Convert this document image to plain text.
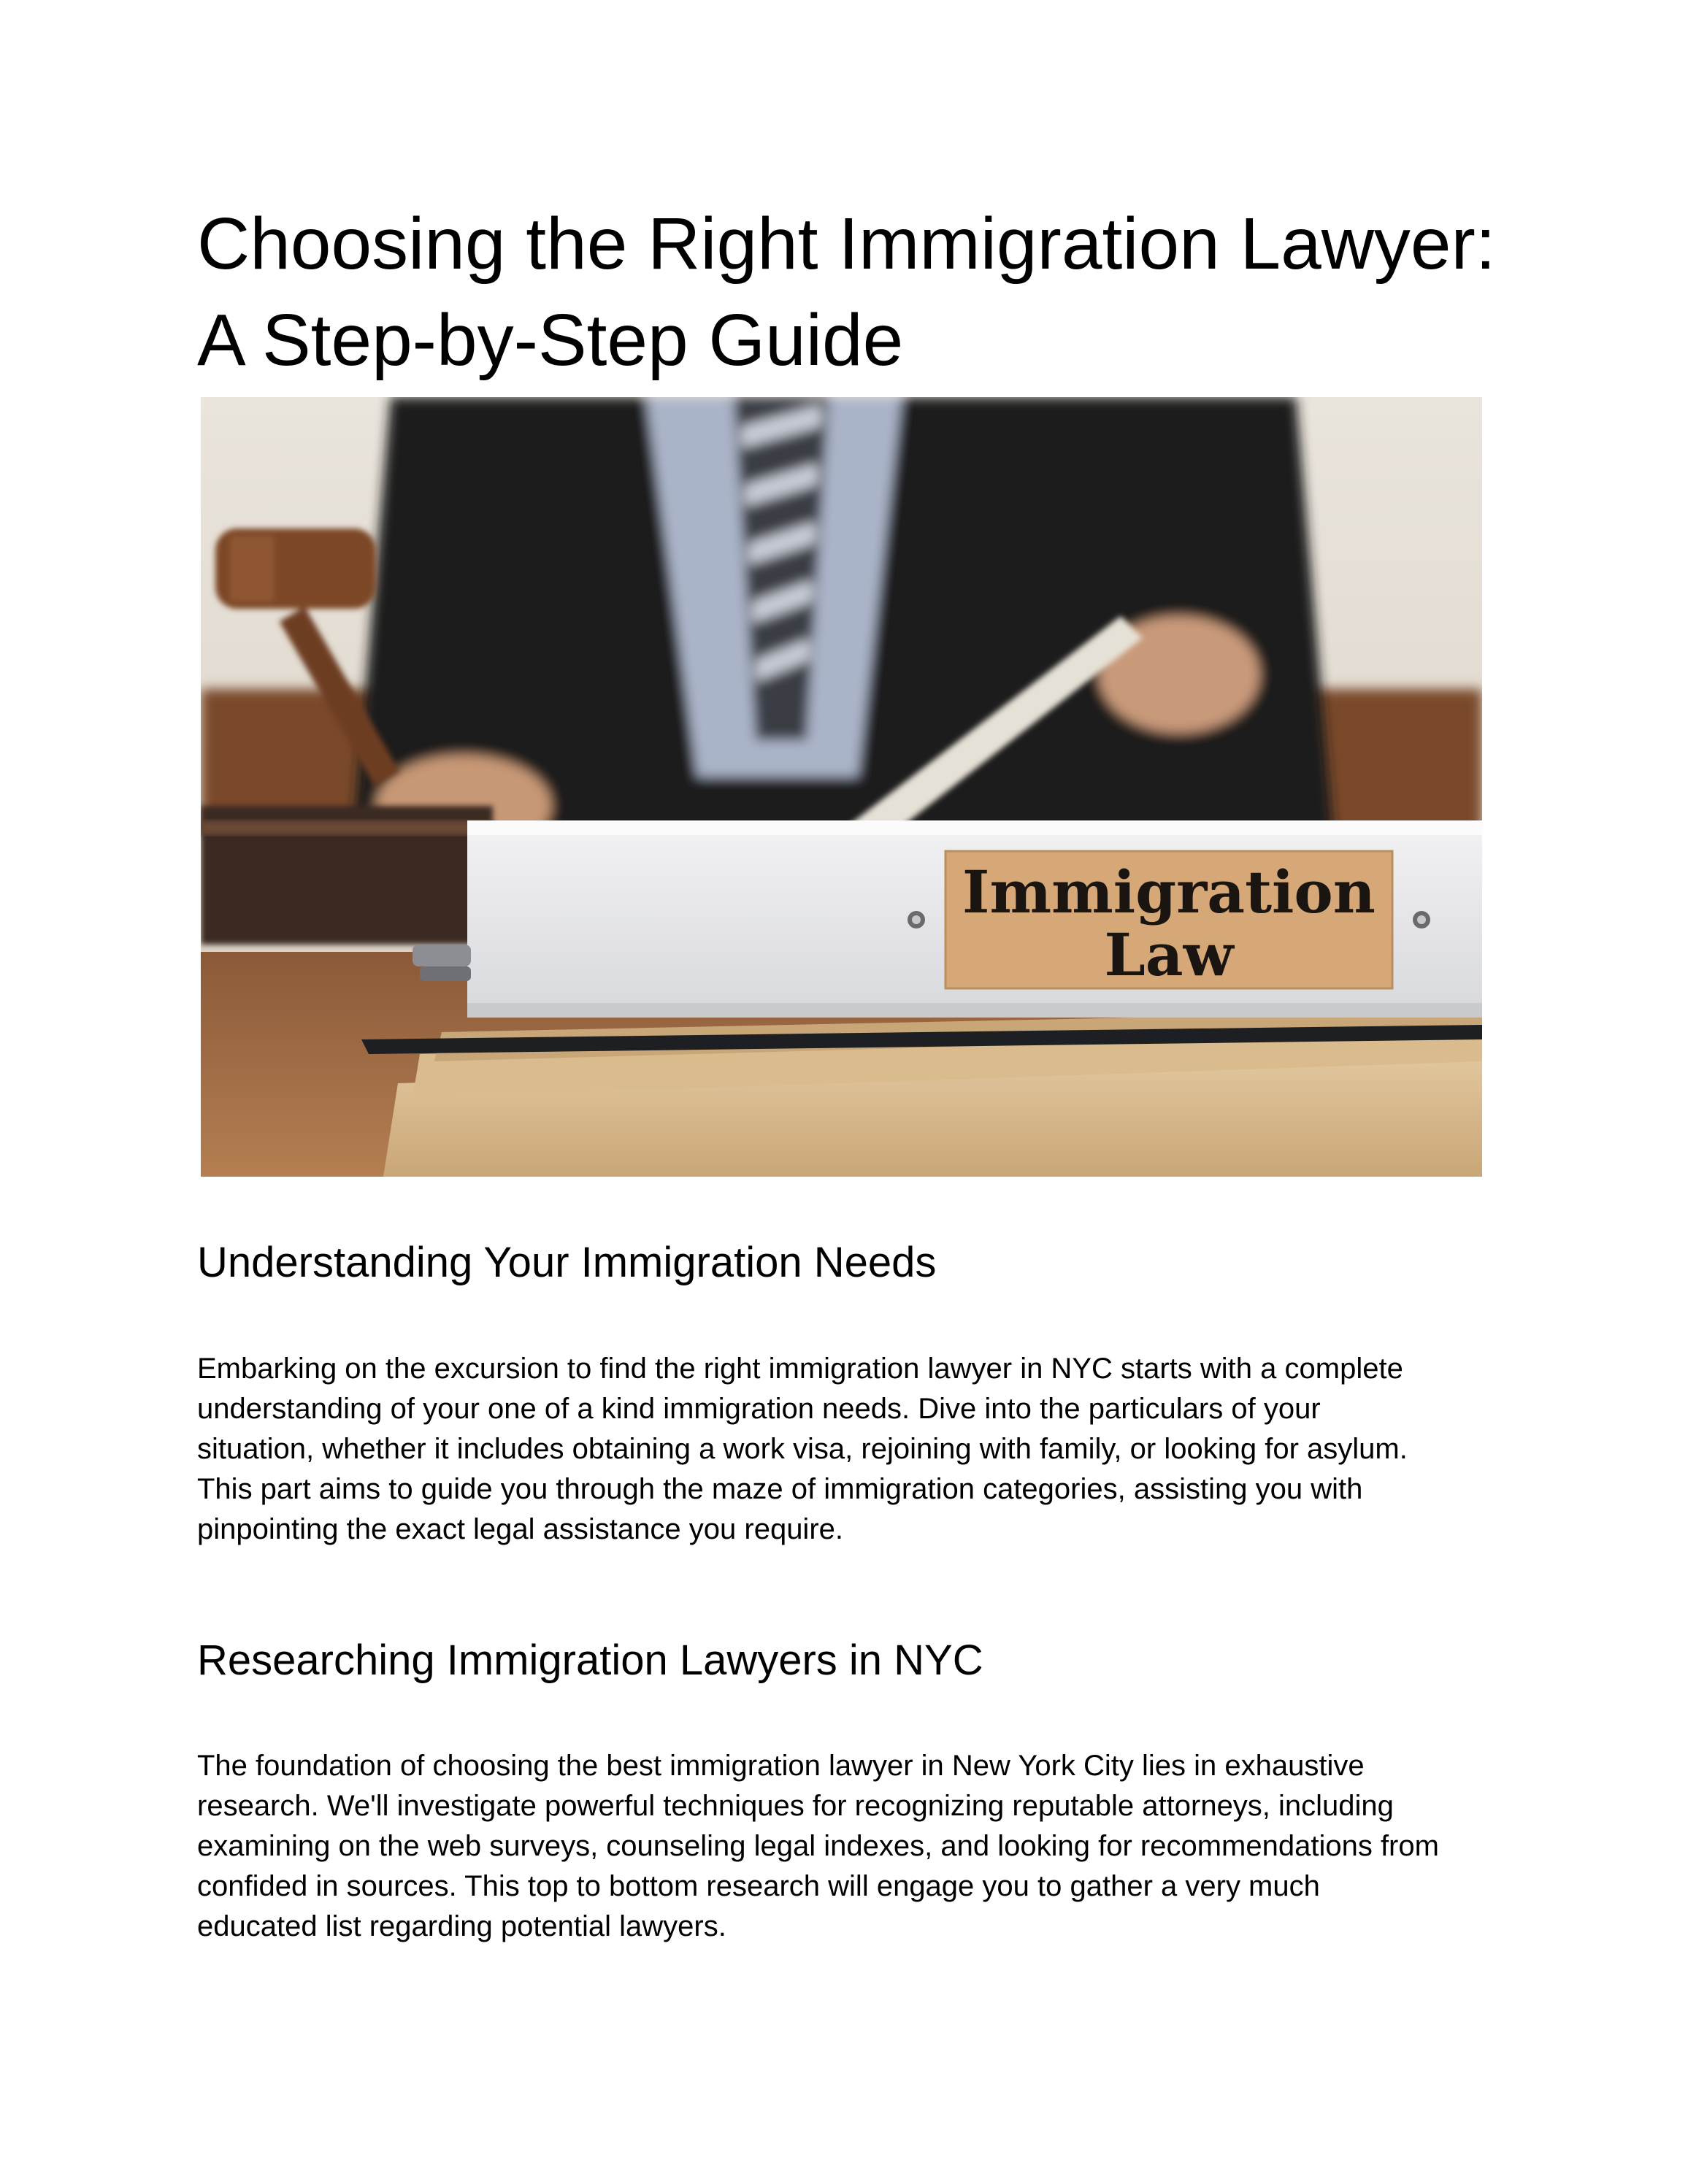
Choosing the Right Immigration Lawyer:
A Step-by-Step Guide
Immigration
Law
Understanding Your Immigration Needs

Embarking on the excursion to find the right immigration lawyer in NYC starts with a complete
understanding of your one of a kind immigration needs. Dive into the particulars of your
situation, whether it includes obtaining a work visa, rejoining with family, or looking for asylum.
This part aims to guide you through the maze of immigration categories, assisting you with
pinpointing the exact legal assistance you require.

Researching Immigration Lawyers in NYC

The foundation of choosing the best immigration lawyer in New York City lies in exhaustive
research. We'll investigate powerful techniques for recognizing reputable attorneys, including
examining on the web surveys, counseling legal indexes, and looking for recommendations from
confided in sources. This top to bottom research will engage you to gather a very much
educated list regarding potential lawyers.
